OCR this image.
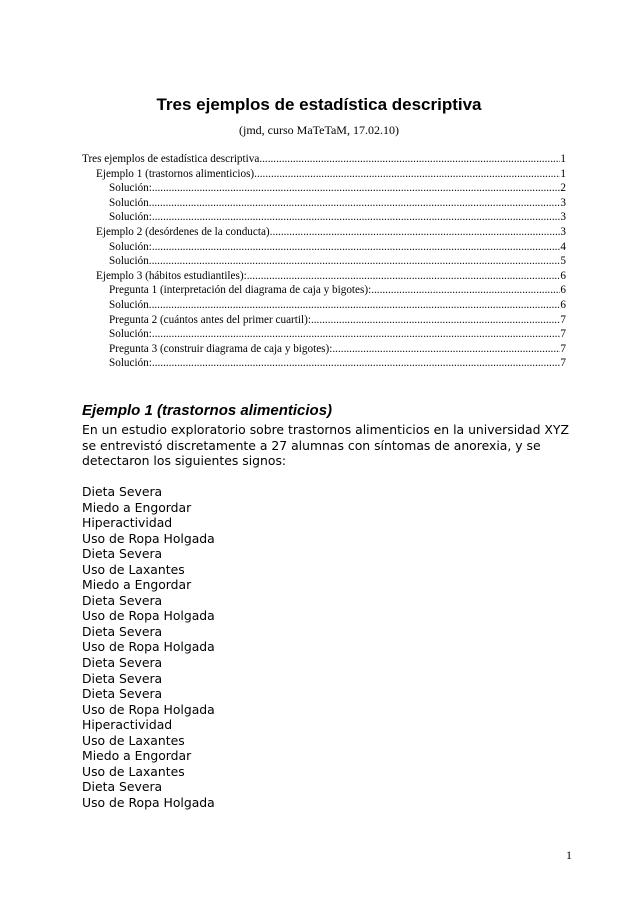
Tres ejemplos de estadística descriptiva

(jmd, curso MaTeTaM, 17.02.10)

Tres ejemplos de estadística descriptiva .....	1
Ejemplo 1 (trastornos alimenticios) .....	1
Solución: .....	2
Solución .....	3
Solución: .....	3
Ejemplo 2 (desórdenes de la conducta) .....	3
Solución: .....	4
Solución .....	5
Ejemplo 3 (hábitos estudiantiles): .....	6
Pregunta 1 (interpretación del diagrama de caja y bigotes): .....	6
Solución .....	6
Pregunta 2 (cuántos antes del primer cuartil): .....	7
Solución: .....	7
Pregunta 3 (construir diagrama de caja y bigotes): .....	7
Solución: .....	7
Ejemplo 1 (trastornos alimenticios)

En un estudio exploratorio sobre trastornos alimenticios en la universidad XYZ se entrevistó discretamente a 27 alumnas con síntomas de anorexia, y se detectaron los siguientes signos:

Dieta Severa
Miedo a Engordar
Hiperactividad
Uso de Ropa Holgada
Dieta Severa
Uso de Laxantes
Miedo a Engordar
Dieta Severa
Uso de Ropa Holgada
Dieta Severa
Uso de Ropa Holgada
Dieta Severa
Dieta Severa
Dieta Severa
Uso de Ropa Holgada
Hiperactividad
Uso de Laxantes
Miedo a Engordar
Uso de Laxantes
Dieta Severa
Uso de Ropa Holgada
1
